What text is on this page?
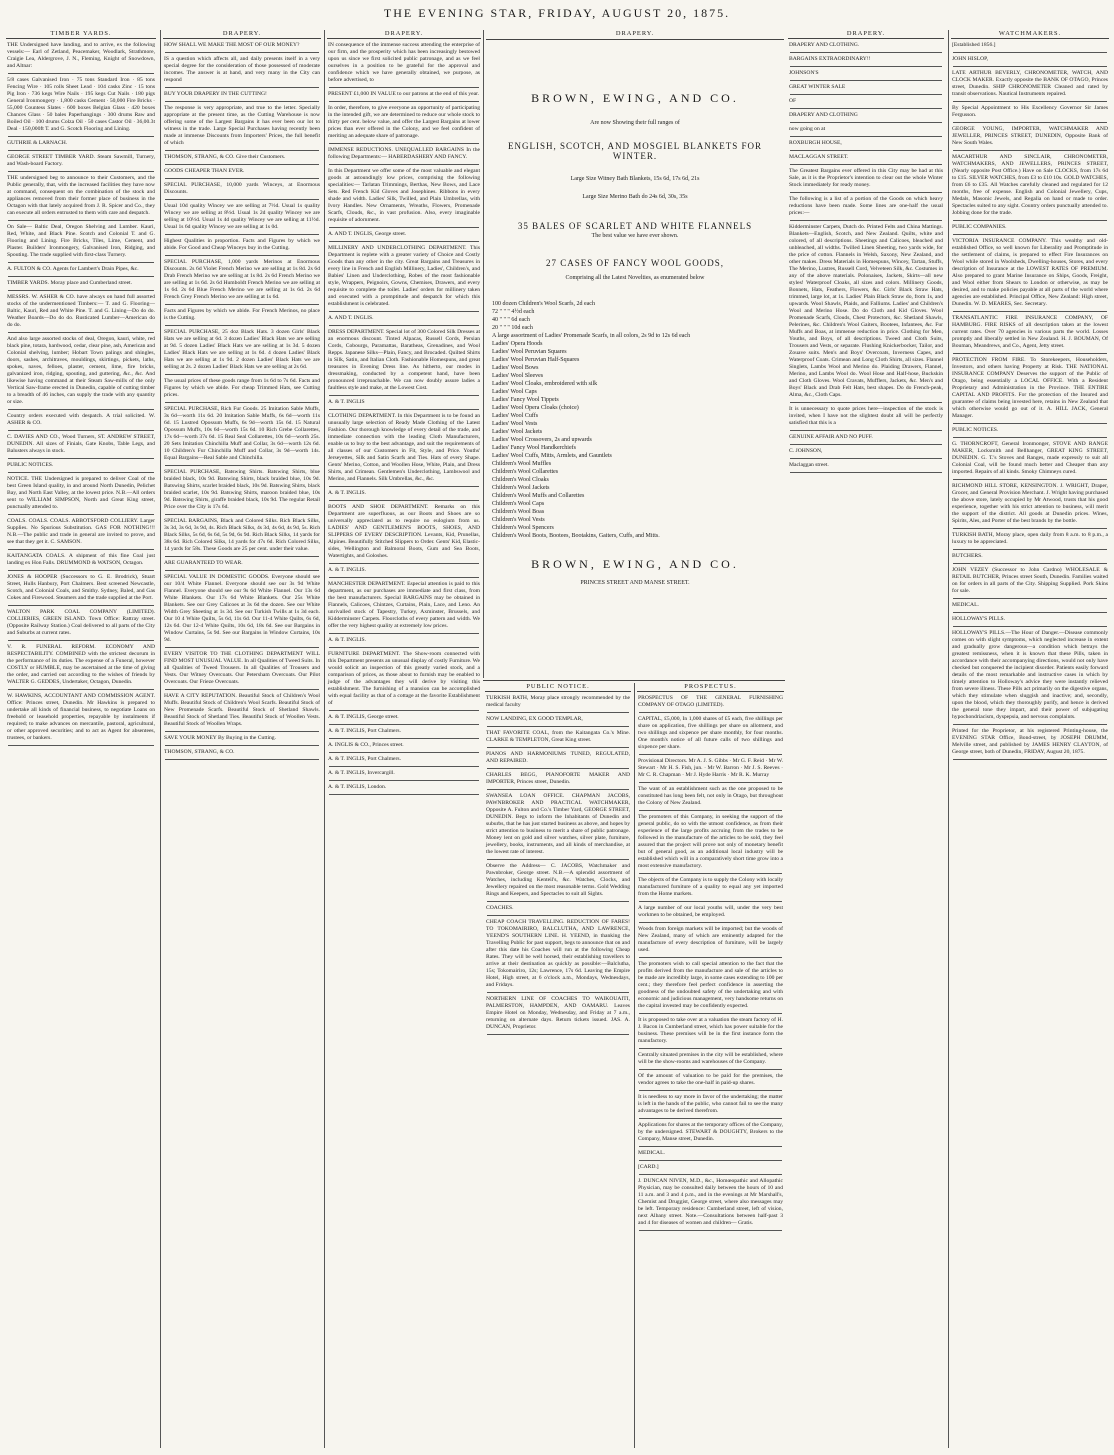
THE EVENING STAR, FRIDAY, AUGUST 20, 1875.
TIMBER YARDS.
THE Undersigned have landing, and to arrive, ex the following vessels:— Earl of Zetland, Peacemaker, Woodlark, Strathmore, Craigie Lea, Aldergrove, J. N., Fleming, Knight of Snowdown, and Altnar:
5/8 cases Galvanised Iron · 75 tons Standard Iron · 85 tons Fencing Wire · 105 rolls Sheet Lead · 104 casks Zinc · 15 tons Pig Iron · 736 kegs Wire Nails · 195 kegs Cut Nails · 180 pigs General Ironmongery · 1,800 casks Cement · 50,000 Fire Bricks · 55,000 Countess Slates · 600 boxes Belgian Glass · 420 boxes Chances Glass · 50 bales Paperhangings · 300 drums Raw and Boiled Oil · 100 drums Colza Oil · 50 cases Castor Oil · 36,00.3t Deal · 150,000ft T. and G. Scotch Flooring and Lining.
GUTHRIE & LARNACH.
GEORGE STREET TIMBER YARD. Steam Sawmill, Turnery, and Wash-board Factory.
THE undersigned beg to announce to their Customers, and the Public generally, that, with the increased facilities they have now at command, consequent on the combination of the stock and appliances removed from their former place of business in the Octagon with that lately acquired from J. R. Spicer and Co., they can execute all orders entrusted to them with care and despatch.
On Sale— Baltic Deal, Oregon Shelving and Lumber. Kauri, Red, White, and Black Pine. Scotch and Colonial T. and G. Flooring and Lining. Fire Bricks, Tiles, Lime, Cement, and Plaster. Builders' Ironmongery, Galvanised Iron, Ridging, and Spouting. The trade supplied with first-class Turnery.
A. FULTON & CO. Agents for Lambert's Drain Pipes, &c.
TIMBER YARDS. Moray place and Cumberland street.
MESSRS. W. ASHER & CO. have always on hand full assorted stocks of the undermentioned Timbers:— T. and G. Flooring—Baltic, Kauri, Red and White Pine. T. and G. Lining—Do do do. Weather Boards—Do do do. Rusticated Lumber—American do do do.
And also large assorted stocks of deal, Oregon, kauri, white, red black pine, totara, hardwood, cedar, clear pine, ash, American and Colonial shelving, lumber; Hobart Town palings and shingles, doors, sashes, architraves, mouldings, skirtings, pickets, laths, spokes, naves, felloes, plaster, cement, lime, fire bricks, galvanized iron, ridging, spouting, and guttering, &c., &c. And likewise having command at their Steam Saw-mills of the only Vertical Saw-frame erected in Dunedin, capable of cutting timber to a breadth of 46 inches, can supply the trade with any quantity or size.
Country orders executed with despatch. A trial solicited. W. ASHER & CO.
C. DAVIES AND CO., Wood Turners, ST. ANDREW STREET, DUNEDIN. All sizes of Finials, Gate Knobs, Table Legs, and Balusters always in stock.
PUBLIC NOTICES.
NOTICE. THE Undersigned is prepared to deliver Coal of the best Green Island quality, in and around North Dunedin, Pelichet Bay, and North East Valley, at the lowest price. N.B.—All orders sent to WILLIAM SIMPSON, North and Great King street, punctually attended to.
COALS. COALS. COALS. ABBOTSFORD COLLIERY. Larger Supplies. No Spurious Substitution. GAS FOR NOTHING!!! N.B.—The public and trade in general are invited to prove, and see that they get it. C. SAMSON.
KAITANGATA COALS. A shipment of this fine Coal just landing ex Hon Falls. DRUMMOND & WATSON, Octagon.
JONES & HOOPER (Successors to G. E. Brodrick), Stuart Street, Hulls Hanbury, Port Chalmers. Best screened Newcastle, Scotch, and Colonial Coals, and Smithy. Sydney, Baled, and Gas Cokes and Firewood. Steamers and the trade supplied at the Port.
WALTON PARK COAL COMPANY (LIMITED). COLLIERIES, GREEN ISLAND. Town Office: Rattray street. (Opposite Railway Station.) Coal delivered to all parts of the City and Suburbs at current rates.
V. R. FUNERAL REFORM. ECONOMY AND RESPECTABILITY. COMBINED with the strictest decorum in the performance of its duties. The expense of a Funeral, however COSTLY or HUMBLE, may be ascertained at the time of giving the order, and carried out according to the wishes of friends by WALTER G. GEDDES, Undertaker, Octagon, Dunedin.
W. HAWKINS, ACCOUNTANT AND COMMISSION AGENT. Office: Princes street, Dunedin. Mr Hawkins is prepared to undertake all kinds of financial business, to negotiate Loans on freehold or leasehold properties, repayable by instalments if required; to make advances on mercantile, pastoral, agricultural, or other approved securities; and to act as Agent for absentees, trustees, or bankers.
DRAPERY.
HOW SHALL WE MAKE THE MOST OF OUR MONEY?
IS a question which affects all, and daily presents itself in a very special degree for the consideration of those possessed of moderate incomes. The answer is at hand, and very many in the City can respond
BUY YOUR DRAPERY IN THE CUTTING!
The response is very appropriate, and true to the letter. Specially appropriate at the present time, as the Cutting Warehouse is now offering some of the Largest Bargains it has ever been our lot to witness in the trade. Large Special Purchases having recently been made at immense Discounts from Importers' Prices, the full benefit of which
THOMSON, STRANG, & CO. Give their Customers.
GOODS CHEAPER THAN EVER.
SPECIAL PURCHASE, 10,000 yards Winceys, at Enormous Discounts.
Usual 10d quality Wincey we are selling at 7½d. Usual 1s quality Wincey we are selling at 8½d. Usual 1s 2d quality Wincey we are selling at 10½d. Usual 1s 4d quality Wincey we are selling at 11½d. Usual 1s 6d quality Wincey we are selling at 1s 0d.
Highest Qualities in proportion. Facts and Figures by which we abide. For Good and Cheap Winceys buy in the Cutting.
SPECIAL PURCHASE, 1,000 yards Merinos at Enormous Discounts. 2s 6d Violet French Merino we are selling at 1s 8d. 2s 6d Drab French Merino we are selling at 1s 8d. 2s 6d French Merino we are selling at 1s 6d. 2s 6d Humboldt French Merino we are selling at 1s 6d. 2s 6d Blue French Merino we are selling at 1s 6d. 2s 6d French Grey French Merino we are selling at 1s 6d.
Facts and Figures by which we abide. For French Merinos, no place is the Cutting.
SPECIAL PURCHASE, 25 doz Black Hats. 3 dozen Girls' Black Hats we are selling at 6d. 3 dozen Ladies' Black Hats we are selling at 9d. 5 dozen Ladies' Black Hats we are selling at 1s 3d. 5 dozen Ladies' Black Hats we are selling at 1s 6d. 4 dozen Ladies' Black Hats we are selling at 1s 9d. 2 dozen Ladies' Black Hats we are selling at 2s. 2 dozen Ladies' Black Hats we are selling at 2s 6d.
The usual prices of these goods range from 1s 6d to 7s 6d. Facts and Figures by which we abide. For cheap Trimmed Hats, see Cutting prices.
SPECIAL PURCHASE, Rich Fur Goods. 25 Imitation Sable Muffs, 3s 6d—worth 11s 6d. 20 Imitation Sable Muffs, 6s 6d—worth 11s 6d. 15 Lustred Opossum Muffs, 6s 9d—worth 15s 6d. 15 Natural Opossum Muffs, 10s 6d—worth 15s 6d. 10 Rich Grebe Collarettes, 17s 6d—worth 37s 6d. 15 Real Seal Collarettes, 10s 6d—worth 25s. 20 Sets Imitation Chinchilla Muff and Collar, 3s 6d—worth 12s 6d. 10 Children's Fur Chinchilla Muff and Collar, 3s 9d—worth 14s. Equal Bargains—Real Sable and Chinchilla.
SPECIAL PURCHASE, Batswing Shirts. Batswing Shirts, blue braided black, 10s 9d. Batswing Shirts, black braided blue, 10s 9d. Batswing Shirts, scarlet braided black, 10s 9d. Batswing Shirts, black braided scarlet, 10s 9d. Batswing Shirts, maroon braided blue, 10s 9d. Batswing Shirts, giraffe braided black, 10s 9d. The regular Retail Price over the City is 17s 6d.
SPECIAL BARGAINS, Black and Colored Silks. Rich Black Silks, 3s 3d, 3s 6d, 3s 9d, 4s. Rich Black Silks, 4s 3d, 4s 6d, 4s 9d, 5s. Rich Black Silks, 5s 6d, 6s 6d, 5s 9d, 6s 9d. Rich Black Silks, 14 yards for 38s 6d. Rich Colored Silks, 14 yards for 47s 6d. Rich Colored Silks, 14 yards for 58s. These Goods are 25 per cent. under their value.
ARE GUARANTEED TO WEAR.
SPECIAL VALUE IN DOMESTIC GOODS. Everyone should see our 10/4 White Flannel. Everyone should see our 3s 9d White Flannel. Everyone should see our 9s 6d White Flannel. Our 13s 6d White Blankets. Our 17s 6d White Blankets. Our 25s White Blankets. See our Grey Calicoes at 3s 6d the dozen. See our White Width Grey Sheeting at 1s 3d. See our Turkish Twills at 1s 3d each. Our 10 4 White Quilts, 5s 6d, 11s 6d. Our 11-4 White Quilts, 6s 6d, 12s 6d. Our 12-4 White Quilts, 10s 6d, 18s 6d. See our Bargains in Window Curtains, 5s 9d. See our Bargains in Window Curtains, 10s 9d.
EVERY VISITOR TO THE CLOTHING DEPARTMENT WILL FIND MOST UNUSUAL VALUE. In all Qualities of Tweed Suits. In all Qualities of Tweed Trousers. In all Qualities of Trousers and Vests. Our Witney Overcoats. Our Petersham Overcoats. Our Pilot Overcoats. Our Frieze Overcoats.
HAVE A CITY REPUTATION. Beautiful Stock of Children's Wool Muffs. Beautiful Stock of Children's Wool Scarfs. Beautiful Stock of New Promenade Scarfs. Beautiful Stock of Shetland Shawls. Beautiful Stock of Shetland Ties. Beautiful Stock of Woollen Vests. Beautiful Stock of Woollen Wraps.
SAVE YOUR MONEY By Buying in the Cutting.
THOMSON, STRANG, & CO.
DRAPERY.
IN consequence of the immense success attending the enterprise of our firm, and the prosperity which has been increasingly bestowed upon us since we first solicited public patronage, and as we feel ourselves in a position to be grateful for the approval and confidence which we have generally obtained, we purpose, as before advertised, to
PRESENT £1,000 IN VALUE to our patrons at the end of this year.
In order, therefore, to give everyone an opportunity of participating in the intended gift, we are determined to reduce our whole stock to thirty per cent. below value, and offer the Largest Bargains at lower prices than ever offered in the Colony, and we feel confident of meriting an adequate share of patronage.
IMMENSE REDUCTIONS. UNEQUALLED BARGAINS In the following Departments:— HABERDASHERY AND FANCY.
In this Department we offer some of the most valuable and elegant goods at astoundingly low prices, comprising the following specialities:— Tarlatan Trimmings, Berthas, New Bows, and Lace Sets. Red French Kid Gloves and Josephines. Ribbons in every shade and width. Ladies' Silk, Twilled, and Plain Umbrellas, with Ivory Handles. New Ornaments, Wreaths, Flowers, Promenade Scarfs, Clouds, &c., in vast profusion. Also, every imaginable requisite of adornment.
A. AND T. INGLIS, George street.
MILLINERY AND UNDERCLOTHING DEPARTMENT. This Department is replete with a greater variety of Choice and Costly Goods than any other in the city. Great Bargains and Treasures in every line in French and English Millinery, Ladies', Children's, and Babies' Linen and Underclothing, Robes of the most fashionable style, Wrappers, Peignoirs, Gowns, Chemises, Drawers, and every requisite to complete the toilet. Ladies' orders for millinery taken and executed with a promptitude and despatch for which this establishment is celebrated.
A. AND T. INGLIS.
DRESS DEPARTMENT. Special lot of 300 Colored Silk Dresses at an enormous discount. Tinted Alpacas, Russell Cords, Persian Cords, Cobourgs, Paramattas, Baratheas, Grenadines, and Wool Repps. Japanese Silks—Plain, Fancy, and Brocaded. Quilted Shirts in Silk, Satin, and Italian Cloth. Fashionable Homespuns, and great treasures in Evening Dress line. As hitherto, our modes in dressmaking, conducted by a competent hand, have been pronounced irreproachable. We can now doubly assure ladies a faultless style and make, at the Lowest Cost.
A. & T. INGLIS
CLOTHING DEPARTMENT. In this Department is to be found an unusually large selection of Ready Made Clothing of the Latest Fashion. Our thorough knowledge of every detail of the trade, and immediate connection with the leading Cloth Manufacturers, enable us to buy to the best advantage, and suit the requirements of all classes of our Customers in Fit, Style, and Price. Youths' Jerseyettes, Silk and Satin Scarfs and Ties. Hats of every Shape. Gents' Merino, Cotton, and Woollen Hose, White, Plain, and Dress Shirts, and Crimean. Gentlemen's Underclothing, Lambswool and Merino, and Flannels. Silk Umbrellas, &c., &c.
A. & T. INGLIS.
BOOTS AND SHOE DEPARTMENT. Remarks on this Department are superfluous, as our Boots and Shoes are so universally appreciated as to require no eulogium from us. LADIES' AND GENTLEMEN'S BOOTS, SHOES, AND SLIPPERS OF EVERY DESCRIPTION. Levants, Kid, Prunellas, Alpines. Beautifully Stitched Slippers to Order. Gents' Kid, Elastic-sides, Wellington and Balmoral Boots, Gum and Sea Boots, Watertights, and Goloshes.
A. & T. INGLIS.
MANCHESTER DEPARTMENT. Especial attention is paid to this department, as our purchases are immediate and first class, from the best manufacturers. Special BARGAINS may be obtained in Flannels, Calicoes, Chintzes, Curtains, Plain, Lace, and Leno. An unrivalled stock of Tapestry, Turkey, Axminster, Brussels, and Kidderminster Carpets. Floorcloths of every pattern and width. We offer the very highest quality at extremely low prices.
A. & T. INGLIS.
FURNITURE DEPARTMENT. The Show-room connected with this Department presents an unusual display of costly Furniture. We would solicit an inspection of this greatly varied stock, and a comparison of prices, as those about to furnish may be enabled to judge of the advantages they will derive by visiting this establishment. The furnishing of a mansion can be accomplished with equal facility as that of a cottage at the favorite Establishment of
A. & T. INGLIS, George street.
A. & T. INGLIS, Port Chalmers.
A. INGLIS & CO., Princes street.
A. & T. INGLIS, Port Chalmers.
A. & T. INGLIS, Invercargill.
A. & T. INGLIS, London.
DRAPERY.
BROWN, EWING, AND CO.
Are now Showing their full ranges of
ENGLISH, SCOTCH, AND MOSGIEL BLANKETS FOR WINTER.
Large Size Witney Bath Blankets, 15s 6d, 17s 6d, 21s
Large Size Merino Bath do 24s 6d, 30s, 35s
35 BALES OF SCARLET AND WHITE FLANNELS
The best value we have ever shown.
27 CASES OF FANCY WOOL GOODS,
Comprising all the Latest Novelties, as enumerated below
100 dozen Children's Wool Scarfs, 2d each
72 " " " 4½d each
40 " " " 6d each
20 " " " 10d each
A large assortment of Ladies' Promenade Scarfs, in all colors, 2s 9d to 12s 6d each
Ladies' Opera Hoods
Ladies' Wool Peruvian Squares
Ladies' Wool Peruvian Half-Squares
Ladies' Wool Bows
Ladies' Wool Sleeves
Ladies' Wool Cloaks, embroidered with silk
Ladies' Wool Caps
Ladies' Fancy Wool Tippets
Ladies' Wool Opera Cloaks (choice)
Ladies' Wool Cuffs
Ladies' Wool Vests
Ladies' Wool Jackets
Ladies' Wool Crossovers, 2s and upwards
Ladies' Fancy Wool Handkerchiefs
Ladies' Wool Cuffs, Mitts, Armlets, and Gauntlets
Children's Wool Muffles
Children's Wool Collarettes
Children's Wool Cloaks
Children's Wool Jackets
Children's Wool Muffs and Collarettes
Children's Wool Caps
Children's Wool Boas
Children's Wool Vests
Children's Wool Spencers
Children's Wool Boots, Bootees, Bootakins, Gaiters, Cuffs, and Mitts.
BROWN, EWING, AND CO.
PRINCES STREET AND MANSE STREET.
PUBLIC NOTICE.
TURKISH BATH, Moray place strongly recommended by the medical faculty
NOW LANDING, EX GOOD TEMPLAR,
THAT FAVORITE COAL, from the Kaitangata Co.'s Mine. CLARKE & TEMPLETON, Great King street.
PIANOS AND HARMONIUMS TUNED, REGULATED, AND REPAIRED.
CHARLES BEGG, PIANOFORTE MAKER AND IMPORTER, Princes street, Dunedin.
SWANSEA LOAN OFFICE. CHAPMAN JACOBS, PAWNBROKER AND PRACTICAL WATCHMAKER, Opposite A. Fulton and Co.'s Timber Yard, GEORGE STREET, DUNEDIN. Begs to inform the Inhabitants of Dunedin and suburbs, that he has just started business as above, and hopes by strict attention to business to merit a share of public patronage. Money lent on gold and silver watches, silver plate, furniture, jewellery, books, instruments, and all kinds of merchandise, at the lowest rate of interest.
Observe the Address— C. JACOBS, Watchmaker and Pawnbroker, George street. N.B.—A splendid assortment of Watches, including Kenteil's, &c. Watches, Clocks, and Jewellery repaired on the most reasonable terms. Gold Wedding Rings and Keepers, and Spectacles to suit all Sights.
COACHES.
CHEAP COACH TRAVELLING. REDUCTION OF FARES! TO TOKOMAIRIRO, BALCLUTHA, AND LAWRENCE, YEEND'S SOUTHERN LINE. H. YEEND, in thanking the Travelling Public for past support, begs to announce that on and after this date his Coaches will run at the following Cheap Rates. They will be well horsed, their establishing travellers to arrive at their destination as quickly as possible:—Balclutha, 15s; Tokomairiro, 12s; Lawrence, 17s 6d. Leaving the Empire Hotel, High street, at 6 o'clock a.m., Mondays, Wednesdays, and Fridays.
NORTHERN LINE OF COACHES TO WAIKOUAITI, PALMERSTON, HAMPDEN, AND OAMARU. Leaves Empire Hotel on Monday, Wednesday, and Friday at 7 a.m., returning on alternate days. Return tickets issued. JAS. A. DUNCAN, Proprietor.
PROSPECTUS.
PROSPECTUS OF THE GENERAL FURNISHING COMPANY OF OTAGO (LIMITED).
CAPITAL, £5,000, In 1,000 shares of £5 each, five shillings per share on application, five shillings per share on allotment, and two shillings and sixpence per share monthly, for four months. One month's notice of all future calls of two shillings and sixpence per share.
Provisional Directors. Mr A. J. S. Gibbs · Mr G. F. Reid · Mr W. Stewart · Mr H. S. Fish, jun. · Mr W. Barron · Mr J. S. Reeves · Mr C. R. Chapman · Mr J. Hyde Harris · Mr R. K. Murray
The want of an establishment such as the one proposed to be constituted has long been felt, not only in Otago, but throughout the Colony of New Zealand.
The promoters of this Company, in seeking the support of the general public, do so with the utmost confidence, as from their experience of the large profits accruing from the trades to be followed in the manufacture of the articles to be sold, they feel assured that the project will prove not only of monetary benefit but of general good, as an additional local industry will be established which will in a comparatively short time grow into a most extensive manufactory.
The objects of the Company is to supply the Colony with locally manufactured furniture of a quality to equal any yet imported from the Home markets.
A large number of our local youths will, under the very best workmen to be obtained, be employed.
Woods from foreign markets will be imported; but the woods of New Zealand, many of which are eminently adapted for the manufacture of every description of furniture, will be largely used.
The promoters wish to call special attention to the fact that the profits derived from the manufacture and sale of the articles to be made are incredibly large, in some cases extending to 100 per cent.; they therefore feel perfect confidence in asserting the goodness of the undoubted safety of the undertaking and with economic and judicious management, very handsome returns on the capital invested may be confidently expected.
It is proposed to take over at a valuation the steam factory of H. J. Bacon in Cumberland street, which has power suitable for the business. These premises will be in the first instance form the manufactory.
Centrally situated premises in the city will be established, where will be the show-rooms and warehouses of the Company.
Of the amount of valuation to be paid for the premises, the vendor agrees to take the one-half in paid-up shares.
It is needless to say more in favor of the undertaking; the matter is left in the hands of the public, who cannot fail to see the many advantages to be derived therefrom.
Applications for shares at the temporary offices of the Company, by the undersigned. STEWART & DOUGHTY, Brokers to the Company, Manse street, Dunedin.
MEDICAL.
[CARD.]
J. DUNCAN NIVEN, M.D., &c., Homœopathic and Allopathic Physician, may be consulted daily between the hours of 10 and 11 a.m. and 3 and 4 p.m., and in the evenings at Mr Marshall's, Chemist and Druggist, George street, where also messages may be left. Temporary residence: Cumberland street, left of vision, next Albany street. Note.—Consultations between half-past 3 and 4 for diseases of women and children— Gratis.
DRAPERY.
DRAPERY AND CLOTHING.
BARGAINS EXTRAORDINARY!!
JOHNSON'S
GREAT WINTER SALE
OF
DRAPERY AND CLOTHING
now going on at
ROXBURGH HOUSE,
MACLAGGAN STREET.
The Greatest Bargains ever offered in this City may be had at this Sale, as it is the Proprietor's intention to clear out the whole Winter Stock immediately for ready money.
The following is a list of a portion of the Goods on which heavy reductions have been made. Some lines are one-half the usual prices:—
Kidderminster Carpets, Dutch do. Printed Felts and China Mattings. Blankets—English, Scotch, and New Zealand. Quilts, white and colored, of all descriptions. Sheetings and Calicoes, bleached and unbleached, all widths. Twilled Linen Sheeting, two yards wide, for the price of cotton. Flannels in Welsh, Saxony, New Zealand, and other makes. Dress Materials in Homespuns, Wincey, Tartan, Stuffs, The Merino, Lustres, Russell Cord, Velveteen Silk, &c. Costumes in any of the above materials. Polonaises, Jackets, Skirts—all new styles! Waterproof Cloaks, all sizes and colors. Millinery Goods, Bonnets, Hats, Feathers, Flowers, &c. Girls' Black Straw Hats, trimmed, large lot, at 1s. Ladies' Plain Black Straw do, from 1s, and upwards. Wool Shawls, Plaids, and Falliums. Ladies' and Children's Wool and Merino Hose. Do do Cloth and Kid Gloves. Wool Promenade Scarfs, Clouds, Chest Protectors, &c. Shetland Shawls, Pelerines, &c. Children's Wool Gaiters, Bootees, Infantees, &c. Fur Muffs and Boas, at immense reduction in price. Clothing for Men, Youths, and Boys, of all descriptions. Tweed and Cloth Suits, Trousers and Vests, or separate. Flushing Knickerbocker, Tailor, and Zouave suits. Men's and Boys' Overcoats, Inverness Capes, and Waterproof Coats. Crimean and Long Cloth Shirts, all sizes. Flannel Singlets, Lambs Wool and Merino do. Plaiding Drawers, Flannel, Merino, and Lambs Wool do. Wool Hose and Half-hose, Buckskin and Cloth Gloves. Wool Cravats, Mufflers, Jackets, &c. Men's and Boys' Black and Drab Felt Hats, best shapes. Do do French-peak, Alma, &c., Cloth Caps.
It is unnecessary to quote prices here—inspection of the stock is invited, when I have not the slightest doubt all will be perfectly satisfied that this is a
GENUINE AFFAIR AND NO PUFF.
C. JOHNSON,
Maclaggan street.
WATCHMAKERS.
[Established 1856.]
JOHN HISLOP,
LATE ARTHUR BEVERLY, CHRONOMETER, WATCH, AND CLOCK MAKER. Exactly opposite the BANK OF OTAGO, Princes street, Dunedin. SHIP CHRONOMETER Cleaned and rated by transit observations. Nautical Instruments repaired.
By Special Appointment to His Excellency Governor Sir James Fergusson.
GEORGE YOUNG, IMPORTER, WATCHMAKER AND JEWELLER, PRINCES STREET, DUNEDIN, Opposite Bank of New South Wales.
MACARTHUR AND SINCLAIR, CHRONOMETER, WATCHMAKERS, AND JEWELLERS, PRINCES STREET, (Nearly opposite Post Office.) Have on Sale CLOCKS, from 17s 6d to £15. SILVER WATCHES, from £3 to £10 10s. GOLD WATCHES, from £6 to £35. All Watches carefully cleaned and regulated for 12 months, free of expense. English and Colonial Jewellery, Cups, Medals, Masonic Jewels, and Regalia on hand or made to order. Spectacles suited to any sight. Country orders punctually attended to. Jobbing done for the trade.
PUBLIC COMPANIES.
VICTORIA INSURANCE COMPANY. This wealthy and old-established Office, so well known for Liberality and Promptitude in the settlement of claims, is prepared to effect Fire Insurances on Wool while stored in Woolsheds, Dwelling-houses, Stores, and every description of Insurance at the LOWEST RATES OF PREMIUM. Also prepared to grant Marine Insurance on Ships, Goods, Freight, and Wool either from Shears to London or otherwise, as may be desired, and to make policies payable at all parts of the world where agencies are established. Principal Office, New Zealand: High street, Dunedin. W. D. MEARES, Sec. Secretary.
TRANSATLANTIC FIRE INSURANCE COMPANY, OF HAMBURG. FIRE RISKS of all description taken at the lowest current rates. Over 70 agencies in various parts the world. Losses promptly and liberally settled in New Zealand. H. J. BOUMAN, Of Bouman, Meandrews, and Co., Agent, Jetty street.
PROTECTION FROM FIRE. To Storekeepers, Householders, Investors, and others having Property at Risk. THE NATIONAL INSURANCE COMPANY Deserves the support of the Public of Otago, being essentially a LOCAL OFFICE. With a Resident Proprietary and Administration in the Province. THE ENTIRE CAPITAL AND PROFITS. For the protection of the Insured and guarantee of claims being invested here, retains in New Zealand that which otherwise would go out of it. A. HILL JACK, General Manager.
PUBLIC NOTICES.
G. THORNCROFT, General Ironmonger, STOVE AND RANGE MAKER, Locksmith and Bellhanger, GREAT KING STREET, DUNEDIN. G. T.'s Stoves and Ranges, made expressly to suit all Colonial Coal, will be found much better and Cheaper than any imported. Repairs of all kinds. Smoky Chimneys cured.
RICHMOND HILL STORE, KENSINGTON. J. WRIGHT, Draper, Grocer, and General Provision Merchant. J. Wright having purchased the above store, lately occupied by Mr Atwood, trusts that his good experience, together with his strict attention to business, will merit the support of the district. All goods at Dunedin prices. Wines, Spirits, Ales, and Porter of the best brands by the bottle.
TURKISH BATH, Moray place, open daily from 8 a.m. to 8 p.m., a luxury to be appreciated.
BUTCHERS.
JOHN VEZEY (Successor to John Cardno) WHOLESALE & RETAIL BUTCHER, Princes street South, Dunedin. Families waited on for orders in all parts of the City. Shipping Supplied. Pork Skins for sale.
MEDICAL.
HOLLOWAY'S PILLS.
HOLLOWAY'S PILLS.—The Hour of Danger.—Disease commonly comes on with slight symptoms, which neglected increase in extent and gradually grow dangerous—a condition which betrays the greatest remissness, when it is known that these Pills, taken in accordance with their accompanying directions, would not only have checked but conquered the incipient disorder. Patients easily forward details of the most remarkable and instructive cases in which by timely attention to Holloway's advice they were instantly relieved from severe illness. These Pills act primarily on the digestive organs, which they stimulate when sluggish and inactive; and, secondly, upon the blood, which they thoroughly purify, and hence is derived the general tone they impart, and their power of subjugating hypochondriacism, dyspepsia, and nervous complaints.
Printed for the Proprietor, at his registered Printing-house, the EVENING STAR Office, Bond-street, by JOSEPH DRUMM, Melville street, and published by JAMES HENRY CLAYTON, of George street, both of Dunedin, FRIDAY, August 20, 1875.
